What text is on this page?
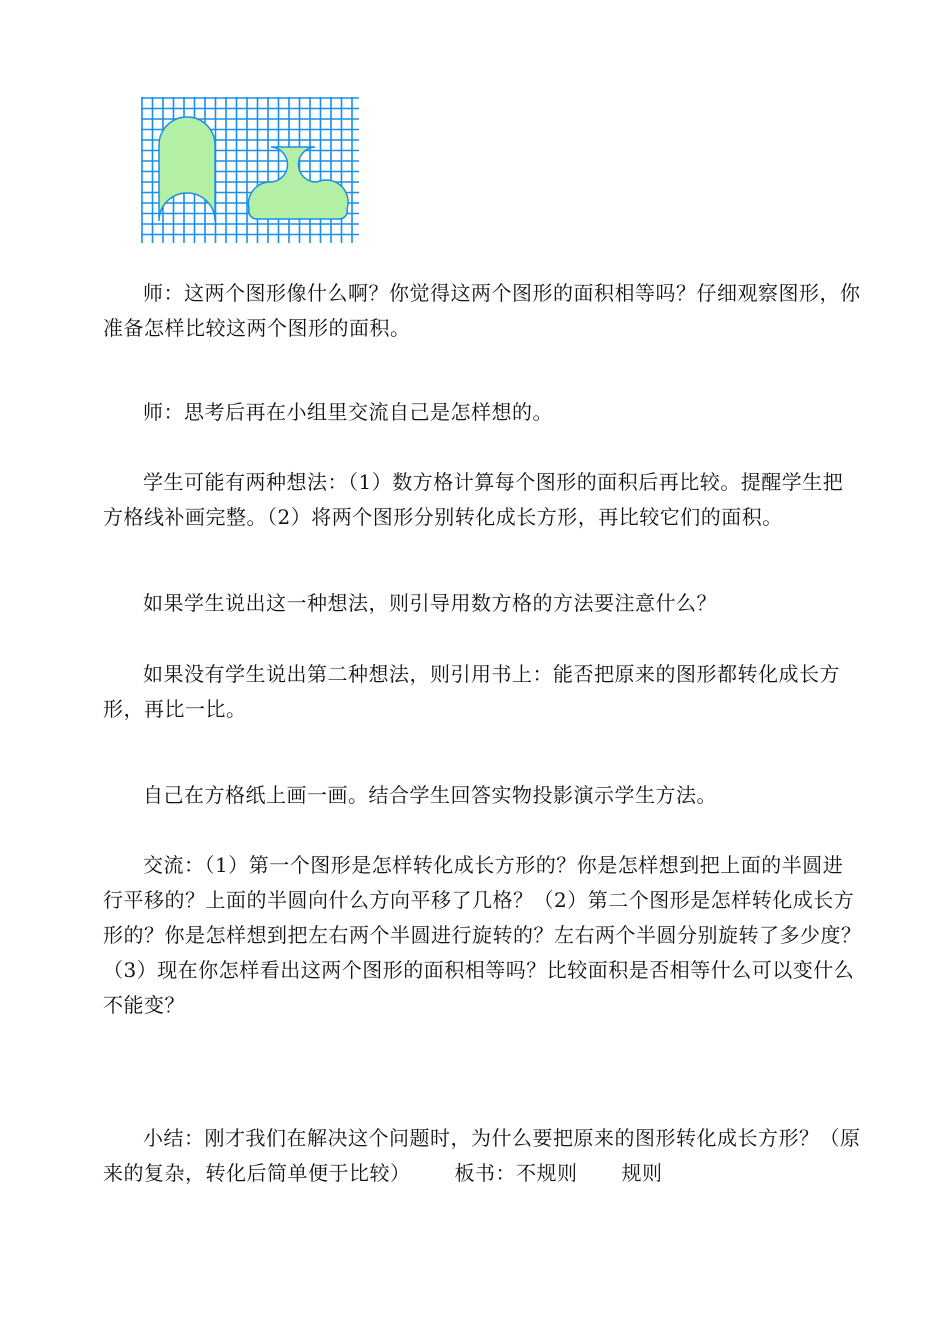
师：这两个图形像什么啊？你觉得这两个图形的面积相等吗？仔细观察图形，你准备怎样比较这两个图形的面积。

师：思考后再在小组里交流自己是怎样想的。

学生可能有两种想法：（1）数方格计算每个图形的面积后再比较。提醒学生把方格线补画完整。（2）将两个图形分别转化成长方形，再比较它们的面积。

如果学生说出这一种想法，则引导用数方格的方法要注意什么？

如果没有学生说出第二种想法，则引用书上：能否把原来的图形都转化成长方形，再比一比。

自己在方格纸上画一画。结合学生回答实物投影演示学生方法。

交流：（1）第一个图形是怎样转化成长方形的？你是怎样想到把上面的半圆进行平移的？上面的半圆向什么方向平移了几格？（2）第二个图形是怎样转化成长方形的？你是怎样想到把左右两个半圆进行旋转的？左右两个半圆分别旋转了多少度？（3）现在你怎样看出这两个图形的面积相等吗？比较面积是否相等什么可以变什么不能变？

小结：刚才我们在解决这个问题时，为什么要把原来的图形转化成长方形？（原来的复杂，转化后简单便于比较） 板书：不规则 规则
